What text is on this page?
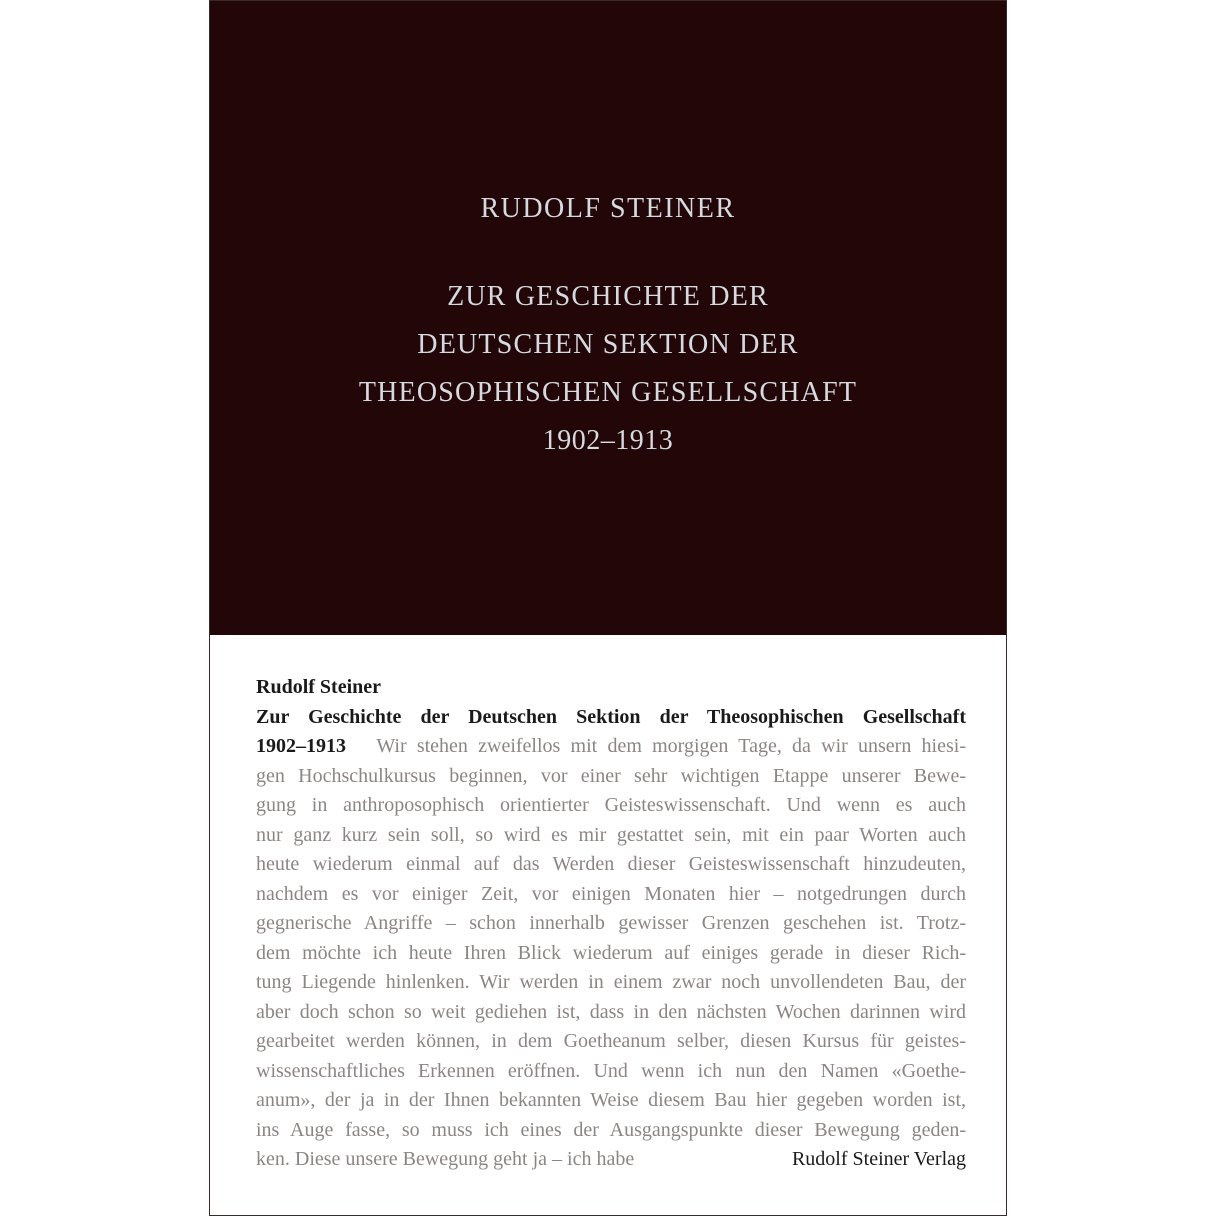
RUDOLF STEINER
ZUR GESCHICHTE DER
DEUTSCHEN SEKTION DER
THEOSOPHISCHEN GESELLSCHAFT
1902–1913
Rudolf Steiner
Zur Geschichte der Deutschen Sektion der Theosophischen Gesellschaft
1902–1913 Wir stehen zweifellos mit dem morgigen Tage, da wir unsern hiesi-
gen Hochschulkursus beginnen, vor einer sehr wichtigen Etappe unserer Bewe-
gung in anthroposophisch orientierter Geisteswissenschaft. Und wenn es auch
nur ganz kurz sein soll, so wird es mir gestattet sein, mit ein paar Worten auch
heute wiederum einmal auf das Werden dieser Geisteswissenschaft hinzudeuten,
nachdem es vor einiger Zeit, vor einigen Monaten hier – notgedrungen durch
gegnerische Angriffe – schon innerhalb gewisser Grenzen geschehen ist. Trotz-
dem möchte ich heute Ihren Blick wiederum auf einiges gerade in dieser Rich-
tung Liegende hinlenken. Wir werden in einem zwar noch unvollendeten Bau, der
aber doch schon so weit gediehen ist, dass in den nächsten Wochen darinnen wird
gearbeitet werden können, in dem Goetheanum selber, diesen Kursus für geistes-
wissenschaftliches Erkennen eröffnen. Und wenn ich nun den Namen «Goethe-
anum», der ja in der Ihnen bekannten Weise diesem Bau hier gegeben worden ist,
ins Auge fasse, so muss ich eines der Ausgangspunkte dieser Bewegung geden-
ken. Diese unsere Bewegung geht ja – ich habe	Rudolf Steiner Verlag
